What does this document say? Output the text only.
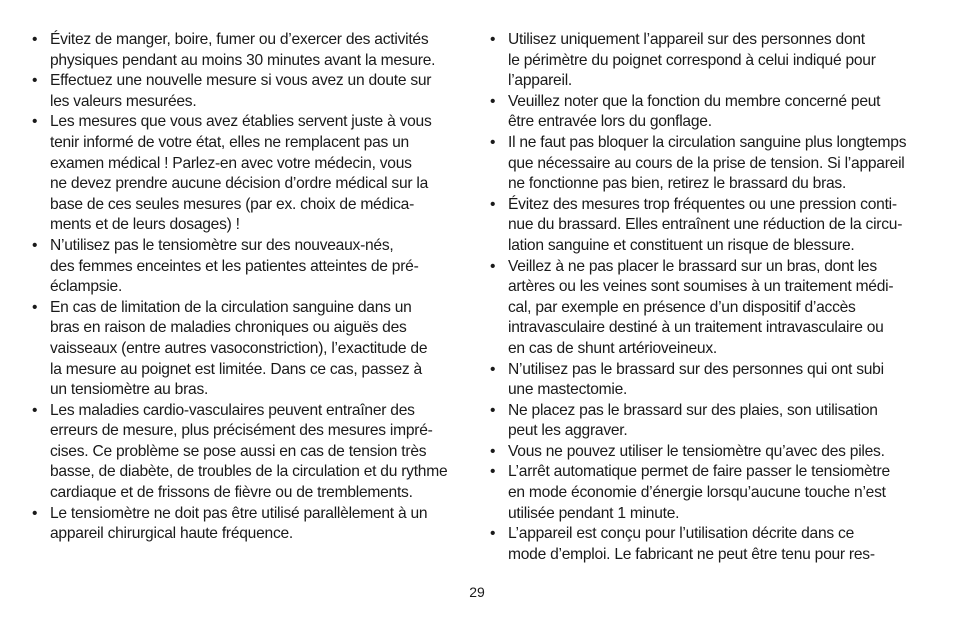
• Évitez de manger, boire, fumer ou d’exercer des activités
physiques pendant au moins 30 minutes avant la mesure.
• Effectuez une nouvelle mesure si vous avez un doute sur
les valeurs mesurées.
• Les mesures que vous avez établies servent juste à vous
tenir informé de votre état, elles ne remplacent pas un
examen médical ! Parlez-en avec votre médecin, vous
ne devez prendre aucune décision d’ordre médical sur la
base de ces seules mesures (par ex. choix de médica-
ments et de leurs dosages) !
• N’utilisez pas le tensiomètre sur des nouveaux-nés,
des femmes enceintes et les patientes atteintes de pré-
éclampsie.
• En cas de limitation de la circulation sanguine dans un
bras en raison de maladies chroniques ou aiguës des
vaisseaux (entre autres vasoconstriction), l’exactitude de
la mesure au poignet est limitée. Dans ce cas, passez à
un tensiomètre au bras.
• Les maladies cardio-vasculaires peuvent entraîner des
erreurs de mesure, plus précisément des mesures impré-
cises. Ce problème se pose aussi en cas de tension très
basse, de diabète, de troubles de la circulation et du rythme
cardiaque et de frissons de fièvre ou de tremblements.
• Le tensiomètre ne doit pas être utilisé parallèlement à un
appareil chirurgical haute fréquence.
• Utilisez uniquement l’appareil sur des personnes dont
le périmètre du poignet correspond à celui indiqué pour
l’appareil.
• Veuillez noter que la fonction du membre concerné peut
être entravée lors du gonflage.
• Il ne faut pas bloquer la circulation sanguine plus longtemps
que nécessaire au cours de la prise de tension. Si l’appareil
ne fonctionne pas bien, retirez le brassard du bras.
• Évitez des mesures trop fréquentes ou une pression conti-
nue du brassard. Elles entraînent une réduction de la circu-
lation sanguine et constituent un risque de blessure.
• Veillez à ne pas placer le brassard sur un bras, dont les
artères ou les veines sont soumises à un traitement médi-
cal, par exemple en présence d’un dispositif d’accès
intravasculaire destiné à un traitement intravasculaire ou
en cas de shunt artérioveineux.
• N’utilisez pas le brassard sur des personnes qui ont subi
une mastectomie.
• Ne placez pas le brassard sur des plaies, son utilisation
peut les aggraver.
• Vous ne pouvez utiliser le tensiomètre qu’avec des piles.
• L’arrêt automatique permet de faire passer le tensiomètre
en mode économie d’énergie lorsqu’aucune touche n’est
utilisée pendant 1 minute.
• L’appareil est conçu pour l’utilisation décrite dans ce
mode d’emploi. Le fabricant ne peut être tenu pour res-
29
